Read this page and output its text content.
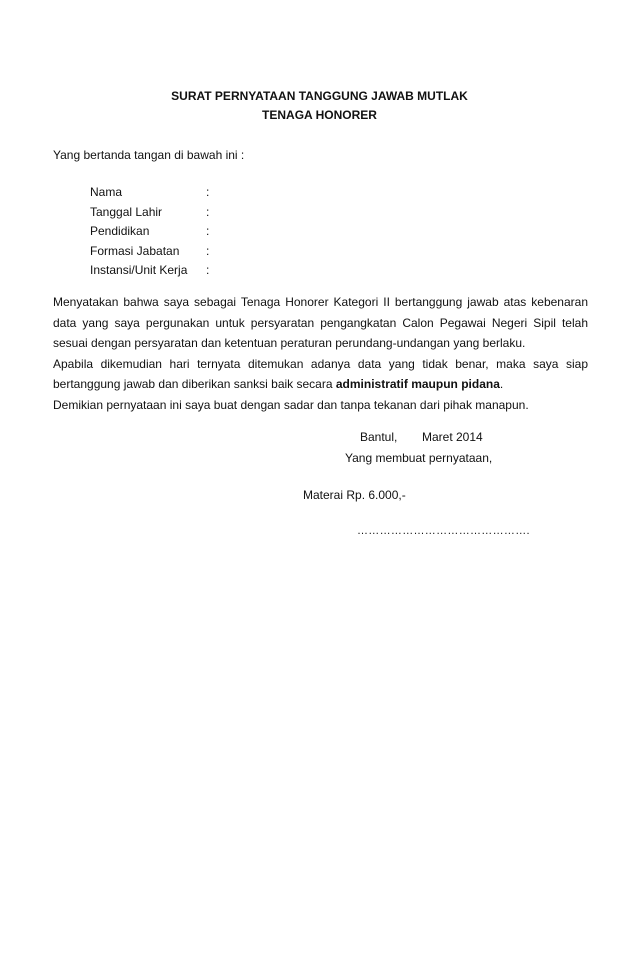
SURAT PERNYATAAN TANGGUNG JAWAB MUTLAK
TENAGA HONORER
Yang bertanda tangan di bawah ini :
Nama	:
Tanggal Lahir	:
Pendidikan	:
Formasi Jabatan :
Instansi/Unit Kerja :

Menyatakan bahwa saya sebagai Tenaga Honorer Kategori II bertanggung jawab atas kebenaran data yang saya pergunakan untuk persyaratan pengangkatan Calon Pegawai Negeri Sipil telah sesuai dengan persyaratan dan ketentuan peraturan perundang-undangan yang berlaku.

Apabila dikemudian hari ternyata ditemukan adanya data yang tidak benar, maka saya siap bertanggung jawab dan diberikan sanksi baik secara administratif maupun pidana.

Demikian pernyataan ini saya buat dengan sadar dan tanpa tekanan dari pihak manapun.

Bantul, Maret 2014
Yang membuat pernyataan,
Materai Rp. 6.000,-
……………………………………….
